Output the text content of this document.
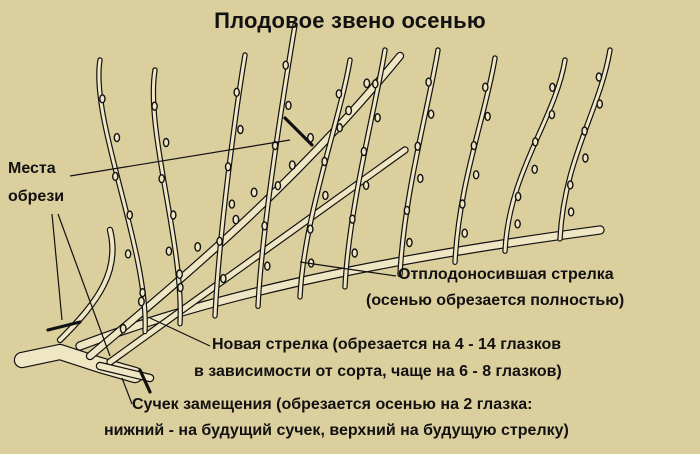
Плодовое звено осенью
Места
обрези
Отплодоносившая стрелка
(осенью обрезается полностью)
Новая стрелка (обрезается на 4 - 14 глазков
в зависимости от сорта, чаще на 6 - 8 глазков)
Сучек замещения (обрезается осенью на 2 глазка:
нижний - на будущий сучек, верхний на будущую стрелку)
